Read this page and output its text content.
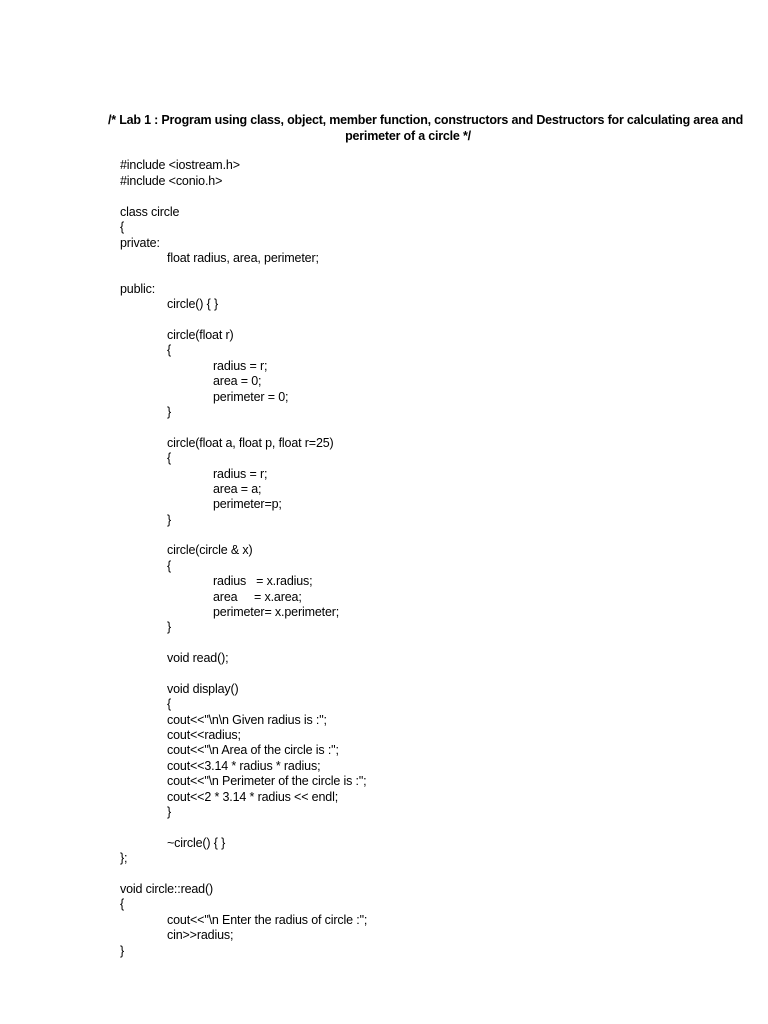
/* Lab 1 : Program using class, object, member function, constructors and Destructors for calculating area and
perimeter of a circle */
#include <iostream.h>
#include <conio.h>
class circle
{
private:
float radius, area, perimeter;
public:
circle() { }
circle(float r)
{
radius = r;
area = 0;
perimeter = 0;
}
circle(float a, float p, float r=25)
{
radius = r;
area = a;
perimeter=p;
}
circle(circle & x)
{
radius   = x.radius;
area     = x.area;
perimeter= x.perimeter;
}
void read();
void display()
{
cout<<"\n\n Given radius is :";
cout<<radius;
cout<<"\n Area of the circle is :";
cout<<3.14 * radius * radius;
cout<<"\n Perimeter of the circle is :";
cout<<2 * 3.14 * radius << endl;
}
~circle() { }
};
void circle::read()
{
cout<<"\n Enter the radius of circle :";
cin>>radius;
}
